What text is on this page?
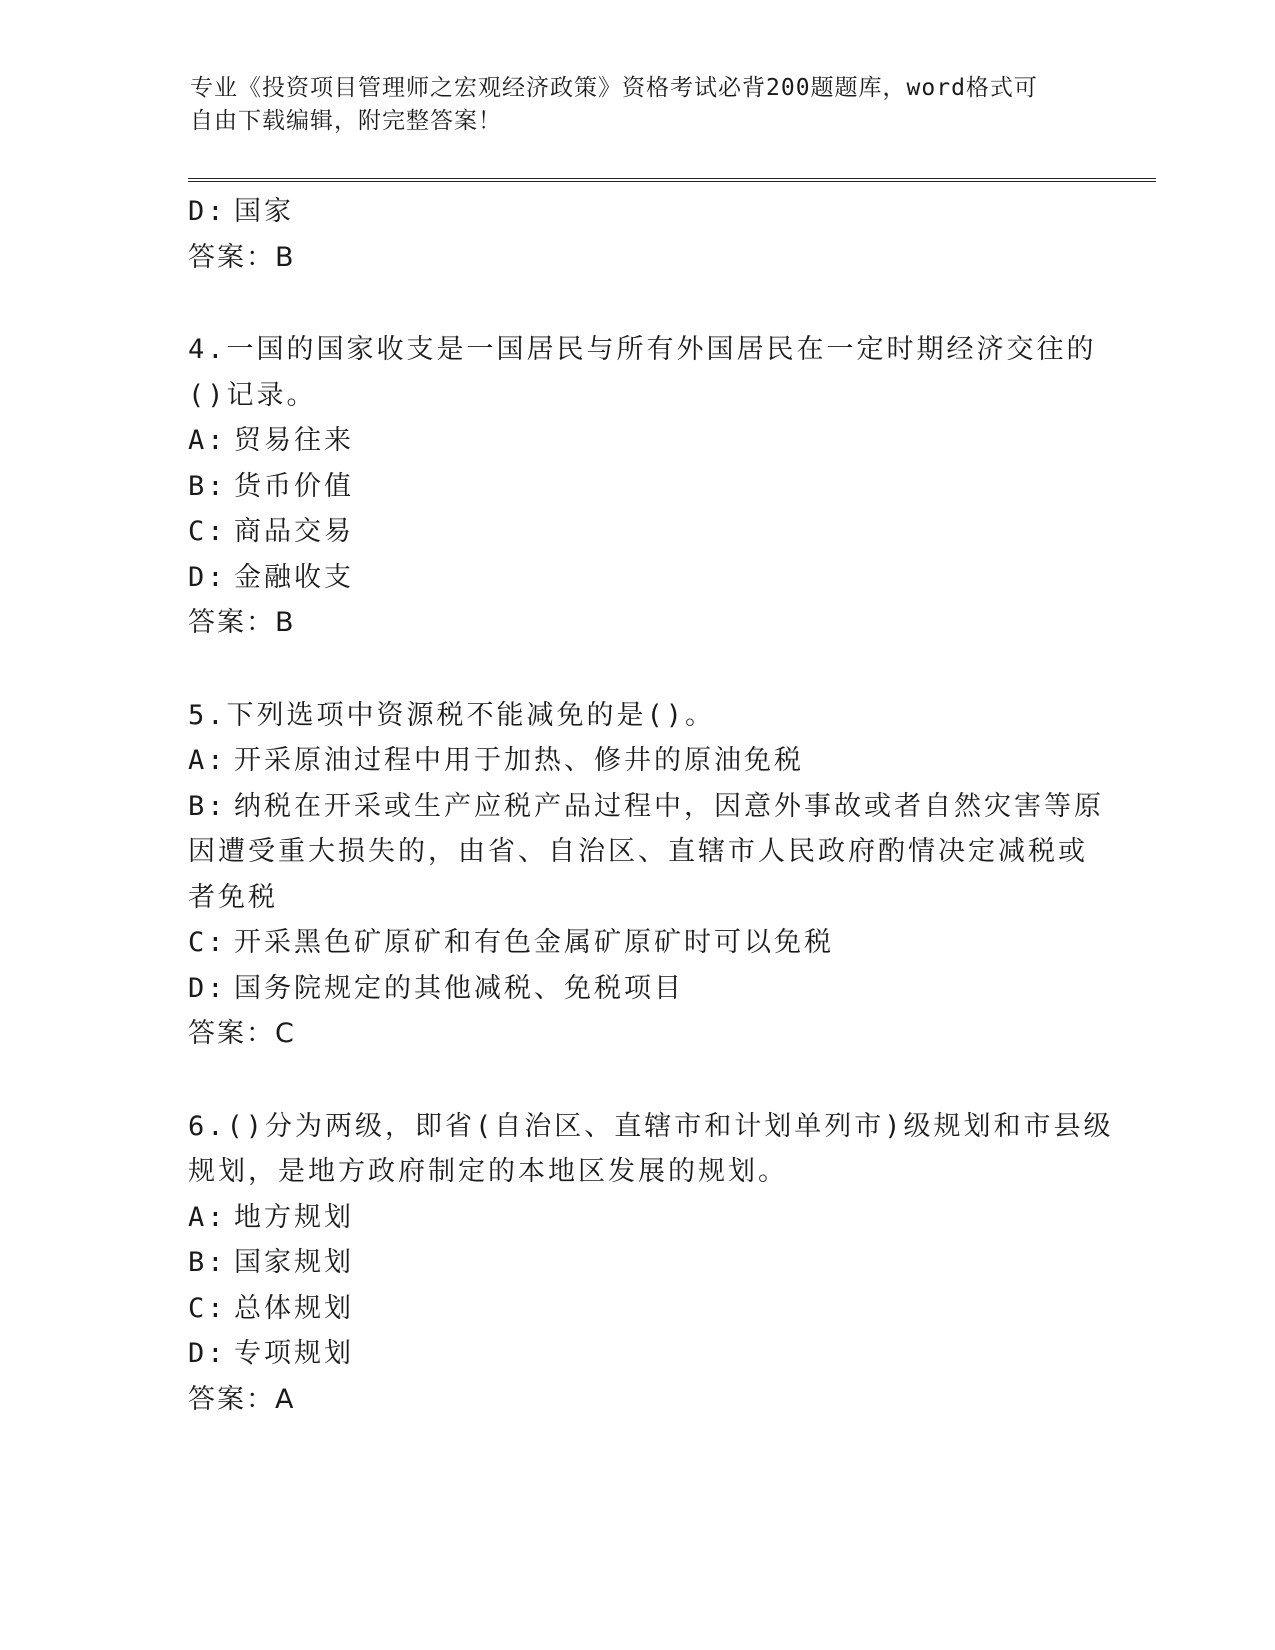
专业《投资项目管理师之宏观经济政策》资格考试必背200题题库，word格式可
自由下载编辑，附完整答案！
D: 国家
答案：B
4.一国的国家收支是一国居民与所有外国居民在一定时期经济交往的
()记录。
A: 贸易往来
B: 货币价值
C: 商品交易
D: 金融收支
答案：B
5.下列选项中资源税不能减免的是()。
A: 开采原油过程中用于加热、修井的原油免税
B: 纳税在开采或生产应税产品过程中，因意外事故或者自然灾害等原
因遭受重大损失的，由省、自治区、直辖市人民政府酌情决定减税或
者免税
C: 开采黑色矿原矿和有色金属矿原矿时可以免税
D: 国务院规定的其他减税、免税项目
答案：C
6.()分为两级，即省(自治区、直辖市和计划单列市)级规划和市县级
规划，是地方政府制定的本地区发展的规划。
A: 地方规划
B: 国家规划
C: 总体规划
D: 专项规划
答案：A
